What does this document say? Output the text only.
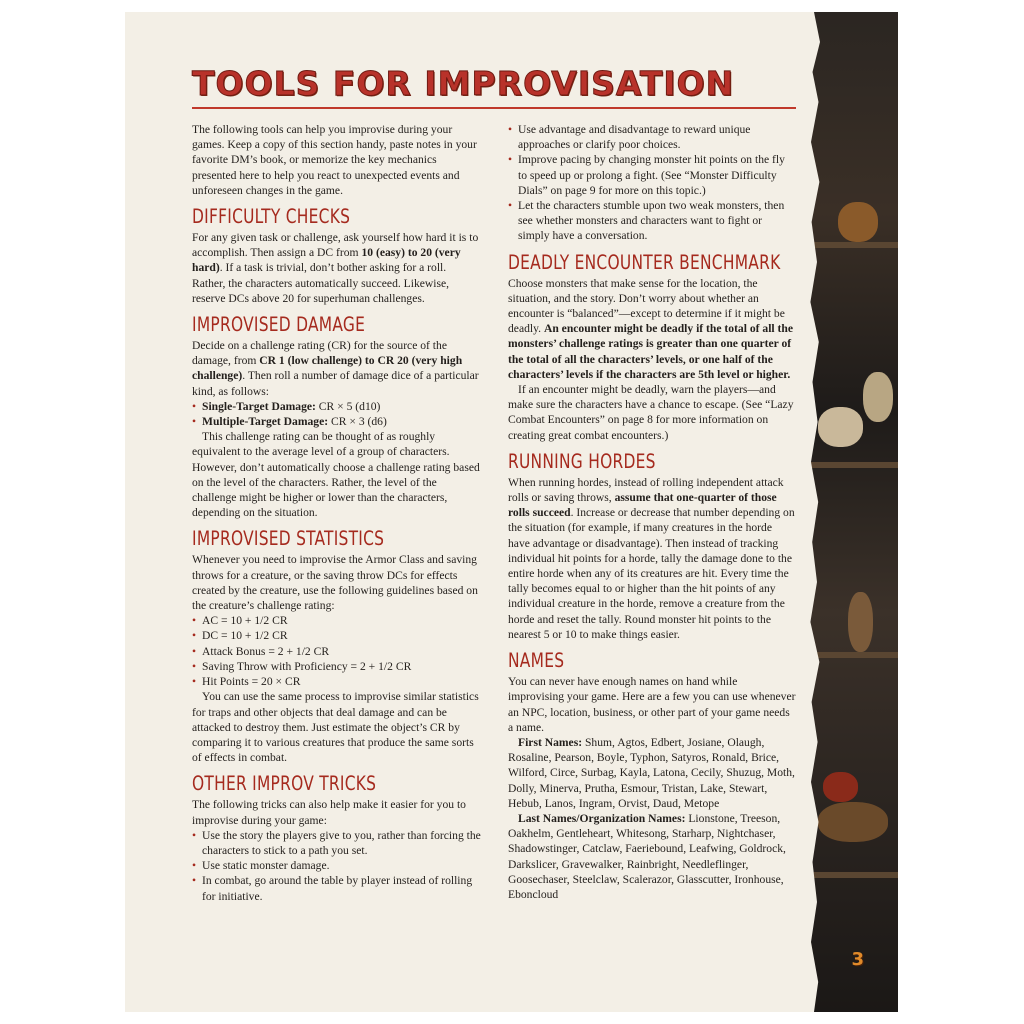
TOOLS FOR IMPROVISATION

The following tools can help you improvise during your games. Keep a copy of this section handy, paste notes in your favorite DM’s book, or memorize the key mechanics presented here to help you react to unexpected events and unforeseen changes in the game.

DIFFICULTY CHECKS

For any given task or challenge, ask yourself how hard it is to accomplish. Then assign a DC from 10 (easy) to 20 (very hard). If a task is trivial, don’t bother asking for a roll. Rather, the characters automatically succeed. Likewise, reserve DCs above 20 for superhuman challenges.

IMPROVISED DAMAGE

Decide on a challenge rating (CR) for the source of the damage, from CR 1 (low challenge) to CR 20 (very high challenge). Then roll a number of damage dice of a particular kind, as follows:

• Single-Target Damage: CR × 5 (d10)
• Multiple-Target Damage: CR × 3 (d6)

This challenge rating can be thought of as roughly equivalent to the average level of a group of characters. However, don’t automatically choose a challenge rating based on the level of the characters. Rather, the level of the challenge might be higher or lower than the characters, depending on the situation.

IMPROVISED STATISTICS

Whenever you need to improvise the Armor Class and saving throws for a creature, or the saving throw DCs for effects created by the creature, use the following guidelines based on the creature’s challenge rating:

• AC = 10 + 1/2 CR
• DC = 10 + 1/2 CR
• Attack Bonus = 2 + 1/2 CR
• Saving Throw with Proficiency = 2 + 1/2 CR
• Hit Points = 20 × CR

You can use the same process to improvise similar statistics for traps and other objects that deal damage and can be attacked to destroy them. Just estimate the object’s CR by comparing it to various creatures that produce the same sorts of effects in combat.

OTHER IMPROV TRICKS

The following tricks can also help make it easier for you to improvise during your game:

• Use the story the players give to you, rather than forcing the characters to stick to a path you set.
• Use static monster damage.
• In combat, go around the table by player instead of rolling for initiative.
• Use advantage and disadvantage to reward unique approaches or clarify poor choices.
• Improve pacing by changing monster hit points on the fly to speed up or prolong a fight. (See “Monster Difficulty Dials” on page 9 for more on this topic.)
• Let the characters stumble upon two weak monsters, then see whether monsters and characters want to fight or simply have a conversation.
DEADLY ENCOUNTER BENCHMARK

Choose monsters that make sense for the location, the situation, and the story. Don’t worry about whether an encounter is “balanced”—except to determine if it might be deadly. An encounter might be deadly if the total of all the monsters’ challenge ratings is greater than one quarter of the total of all the characters’ levels, or one half of the characters’ levels if the characters are 5th level or higher.

If an encounter might be deadly, warn the players—and make sure the characters have a chance to escape. (See “Lazy Combat Encounters” on page 8 for more information on creating great combat encounters.)

RUNNING HORDES

When running hordes, instead of rolling independent attack rolls or saving throws, assume that one-quarter of those rolls succeed. Increase or decrease that number depending on the situation (for example, if many creatures in the horde have advantage or disadvantage). Then instead of tracking individual hit points for a horde, tally the damage done to the entire horde when any of its creatures are hit. Every time the tally becomes equal to or higher than the hit points of any individual creature in the horde, remove a creature from the horde and reset the tally. Round monster hit points to the nearest 5 or 10 to make things easier.

NAMES

You can never have enough names on hand while improvising your game. Here are a few you can use whenever an NPC, location, business, or other part of your game needs a name.

First Names: Shum, Agtos, Edbert, Josiane, Olaugh, Rosaline, Pearson, Boyle, Typhon, Satyros, Ronald, Brice, Wilford, Circe, Surbag, Kayla, Latona, Cecily, Shuzug, Moth, Dolly, Minerva, Prutha, Esmour, Tristan, Lake, Stewart, Hebub, Lanos, Ingram, Orvist, Daud, Metope

Last Names/Organization Names: Lionstone, Treeson, Oakhelm, Gentleheart, Whitesong, Starharp, Nightchaser, Shadowstinger, Catclaw, Faeriebound, Leafwing, Goldrock, Darkslicer, Gravewalker, Rainbright, Needleflinger, Goosechaser, Steelclaw, Scalerazor, Glasscutter, Ironhouse, Eboncloud

3
